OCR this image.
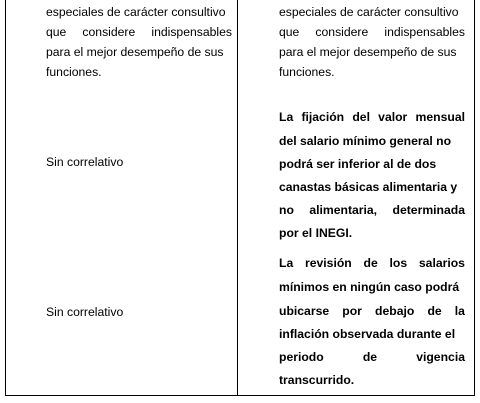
especiales de carácter consultivo
que considere indispensables
para el mejor desempeño de sus
funciones.
especiales de carácter consultivo
que considere indispensables
para el mejor desempeño de sus
funciones.
Sin correlativo
La fijación del valor mensual
del salario mínimo general no
podrá ser inferior al de dos
canastas básicas alimentaria y
no alimentaria, determinada
por el INEGI.
Sin correlativo
La revisión de los salarios
mínimos en ningún caso podrá
ubicarse por debajo de la
inflación observada durante el
periodo	de	vigencia
transcurrido.
